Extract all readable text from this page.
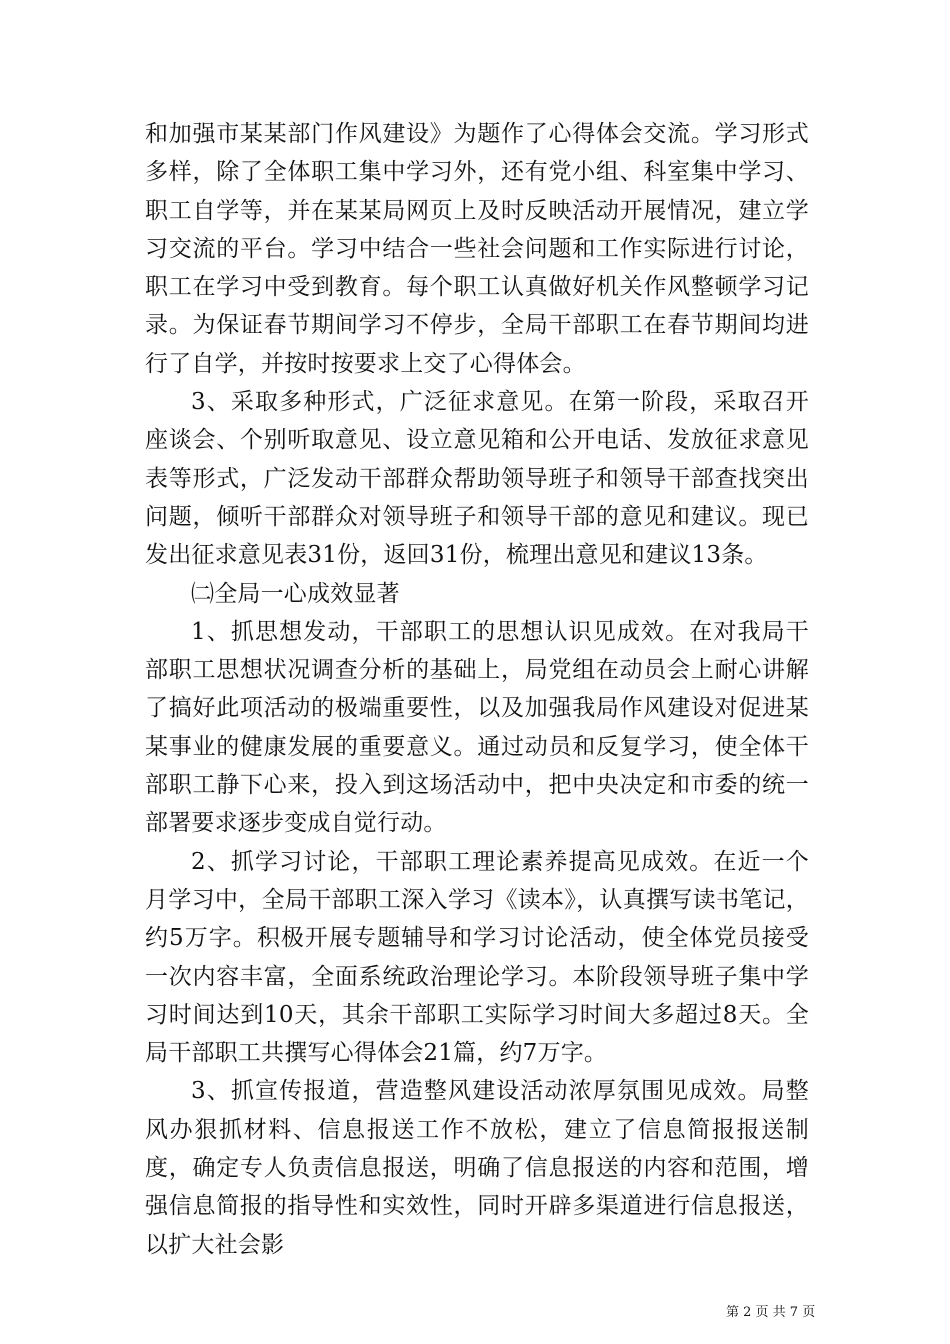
和加强市某某部门作风建设》为题作了心得体会交流。学习形式多样，除了全体职工集中学习外，还有党小组、科室集中学习、职工自学等，并在某某局网页上及时反映活动开展情况，建立学习交流的平台。学习中结合一些社会问题和工作实际进行讨论，职工在学习中受到教育。每个职工认真做好机关作风整顿学习记录。为保证春节期间学习不停步，全局干部职工在春节期间均进行了自学，并按时按要求上交了心得体会。

3、采取多种形式，广泛征求意见。在第一阶段，采取召开座谈会、个别听取意见、设立意见箱和公开电话、发放征求意见表等形式，广泛发动干部群众帮助领导班子和领导干部查找突出问题，倾听干部群众对领导班子和领导干部的意见和建议。现已发出征求意见表31份，返回31份，梳理出意见和建议13条。

㈡全局一心成效显著

1、抓思想发动，干部职工的思想认识见成效。在对我局干部职工思想状况调查分析的基础上，局党组在动员会上耐心讲解了搞好此项活动的极端重要性，以及加强我局作风建设对促进某某事业的健康发展的重要意义。通过动员和反复学习，使全体干部职工静下心来，投入到这场活动中，把中央决定和市委的统一部署要求逐步变成自觉行动。

2、抓学习讨论，干部职工理论素养提高见成效。在近一个月学习中，全局干部职工深入学习《读本》，认真撰写读书笔记，约5万字。积极开展专题辅导和学习讨论活动，使全体党员接受一次内容丰富，全面系统政治理论学习。本阶段领导班子集中学习时间达到10天，其余干部职工实际学习时间大多超过8天。全局干部职工共撰写心得体会21篇，约7万字。

3、抓宣传报道，营造整风建设活动浓厚氛围见成效。局整风办狠抓材料、信息报送工作不放松，建立了信息简报报送制度，确定专人负责信息报送，明确了信息报送的内容和范围，增强信息简报的指导性和实效性，同时开辟多渠道进行信息报送，以扩大社会影

第 2 页 共 7 页
